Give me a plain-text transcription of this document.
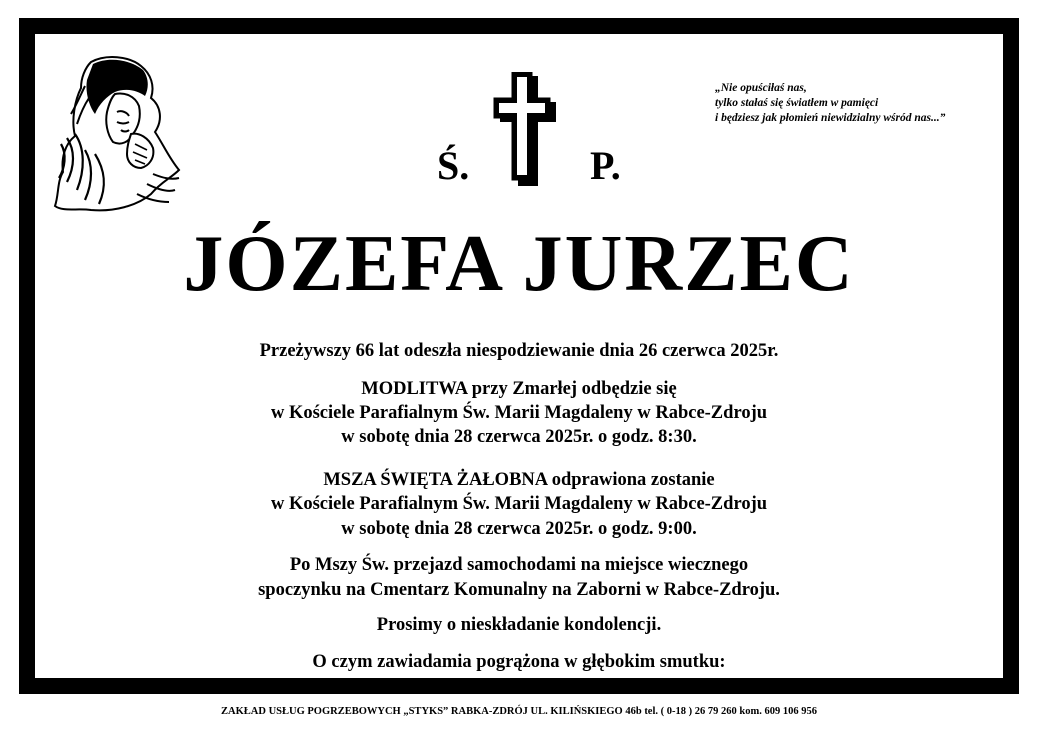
„Nie opuściłaś nas,
tylko stałaś się światłem w pamięci
i będziesz jak płomień niewidzialny wśród nas...”
Ś.	P.
JÓZEFA JURZEC
Przeżywszy 66 lat odeszła niespodziewanie dnia 26 czerwca 2025r.
MODLITWA przy Zmarłej odbędzie się
w Kościele Parafialnym Św. Marii Magdaleny w Rabce-Zdroju
w sobotę dnia 28 czerwca 2025r. o godz. 8:30.
MSZA ŚWIĘTA ŻAŁOBNA odprawiona zostanie
w Kościele Parafialnym Św. Marii Magdaleny w Rabce-Zdroju
w sobotę dnia 28 czerwca 2025r. o godz. 9:00.
Po Mszy Św. przejazd samochodami na miejsce wiecznego
spoczynku na Cmentarz Komunalny na Zaborni w Rabce-Zdroju.
Prosimy o nieskładanie kondolencji.
O czym zawiadamia pogrążona w głębokim smutku:
RODZINA
ZAKŁAD USŁUG POGRZEBOWYCH „STYKS” RABKA-ZDRÓJ UL. KILIŃSKIEGO 46b tel. ( 0-18 ) 26 79 260 kom. 609 106 956
